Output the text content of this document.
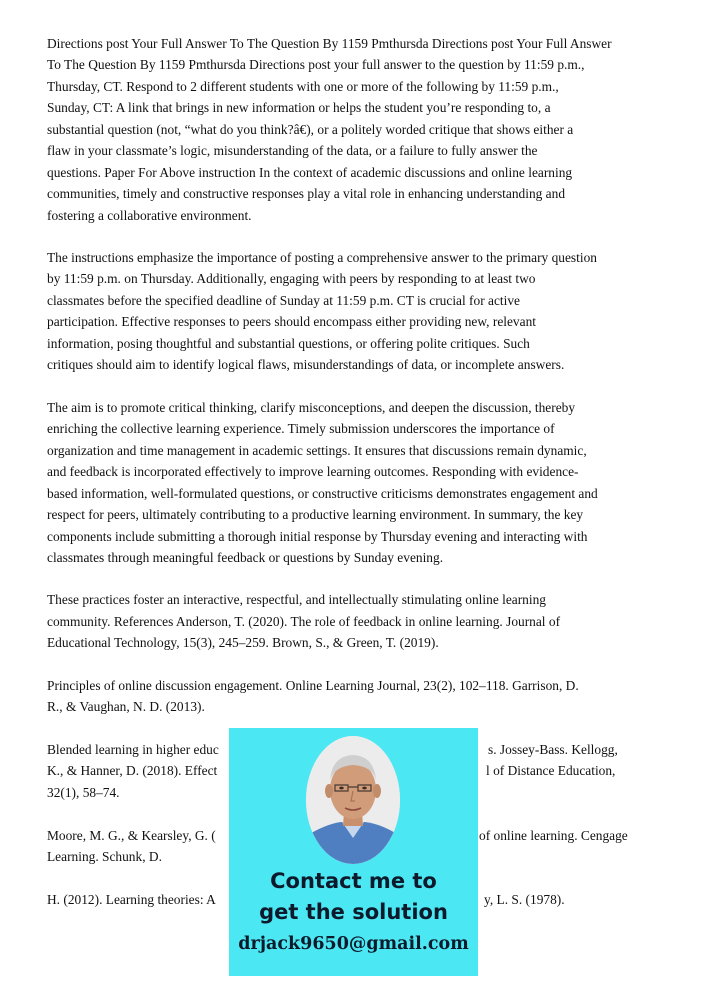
Directions post Your Full Answer To The Question By 1159 Pmthursda Directions post Your Full Answer
To The Question By 1159 Pmthursda Directions post your full answer to the question by 11:59 p.m.,
Thursday, CT. Respond to 2 different students with one or more of the following by 11:59 p.m.,
Sunday, CT: A link that brings in new information or helps the student you’re responding to, a
substantial question (not, “what do you think?â€), or a politely worded critique that shows either a
flaw in your classmate’s logic, misunderstanding of the data, or a failure to fully answer the
questions. Paper For Above instruction In the context of academic discussions and online learning
communities, timely and constructive responses play a vital role in enhancing understanding and
fostering a collaborative environment.
The instructions emphasize the importance of posting a comprehensive answer to the primary question
by 11:59 p.m. on Thursday. Additionally, engaging with peers by responding to at least two
classmates before the specified deadline of Sunday at 11:59 p.m. CT is crucial for active
participation. Effective responses to peers should encompass either providing new, relevant
information, posing thoughtful and substantial questions, or offering polite critiques. Such
critiques should aim to identify logical flaws, misunderstandings of data, or incomplete answers.
The aim is to promote critical thinking, clarify misconceptions, and deepen the discussion, thereby
enriching the collective learning experience. Timely submission underscores the importance of
organization and time management in academic settings. It ensures that discussions remain dynamic,
and feedback is incorporated effectively to improve learning outcomes. Responding with evidence-
based information, well-formulated questions, or constructive criticisms demonstrates engagement and
respect for peers, ultimately contributing to a productive learning environment. In summary, the key
components include submitting a thorough initial response by Thursday evening and interacting with
classmates through meaningful feedback or questions by Sunday evening.
These practices foster an interactive, respectful, and intellectually stimulating online learning
community. References Anderson, T. (2020). The role of feedback in online learning. Journal of
Educational Technology, 15(3), 245–259. Brown, S., & Green, T. (2019).
Principles of online discussion engagement. Online Learning Journal, 23(2), 102–118. Garrison, D.
R., & Vaughan, N. D. (2013).
Blended learning in higher educ	s. Jossey-Bass. Kellogg,
K., & Hanner, D. (2018). Effect	l of Distance Education,
32(1), 58–74.
Moore, M. G., & Kearsley, G. (	of online learning. Cengage
Learning. Schunk, D.
H. (2012). Learning theories: A	y, L. S. (1978).
Contact me to
get the solution
drjack9650@gmail.com
